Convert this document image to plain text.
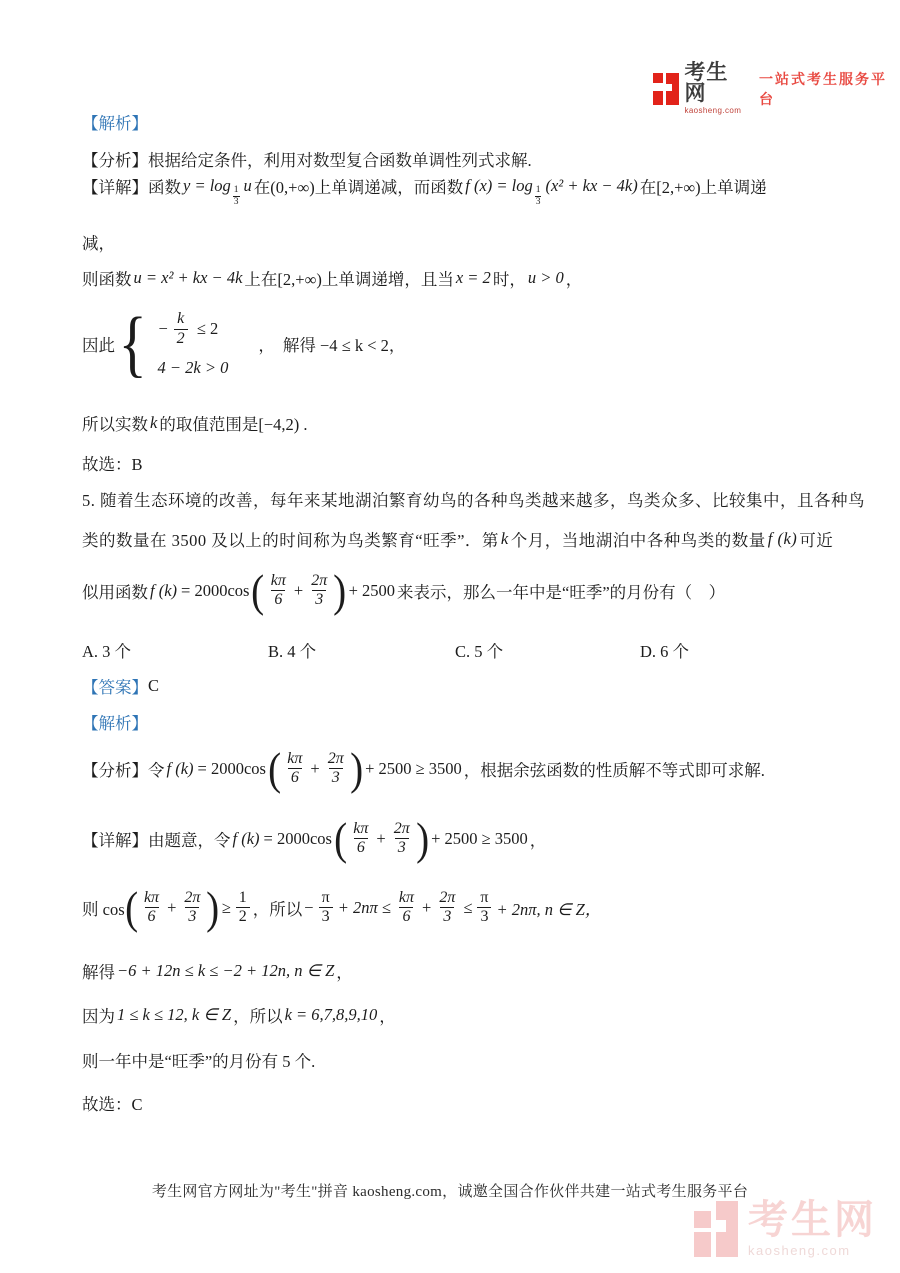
考生网
kaosheng.com
一站式考生服务平台
【解析】
【分析】 根据给定条件，利用对数型复合函数单调性列式求解.
【详解】 函数 y = log 1
3
u 在(0,+∞)上单调递减，而函数 f (x) = log 1
3
(x² + kx − 4k) 在[2,+∞)上单调递
减，
则函数 u = x² + kx − 4k 上在[2,+∞)上单调递增，且当 x = 2 时， u > 0 ，
因此 { − $\frac{k}{2} \le 2$
4 − 2k > 0
， 解得 −4 ≤ k < 2，
所以实数 k 的取值范围是[−4,2) .
故选：B
5. 随着生态环境的改善，每年来某地湖泊繁育幼鸟的各种鸟类越来越多，鸟类众多、比较集中，且各种鸟
类的数量在 3500 及以上的时间称为鸟类繁育“旺季”．第 k 个月，当地湖泊中各种鸟类的数量 f (k) 可近
似用函数 f (k) = 2000cos ( $\frac{k\pi}{6} + \frac{2\pi}{3}$ ) + 2500 来表示，那么一年中是“旺季”的月份有（　）
A. 3 个	B. 4 个	C. 5 个	D. 6 个
【答案】 C
【解析】
【分析】 令 f (k) = 2000cos ( $\frac{k\pi}{6} + \frac{2\pi}{3}$ ) + 2500 ≥ 3500 ，根据余弦函数的性质解不等式即可求解.
【详解】 由题意，令 f (k) = 2000cos ( $\frac{k\pi}{6} + \frac{2\pi}{3}$ ) + 2500 ≥ 3500 ，
则 cos ( $\frac{k\pi}{6} + \frac{2\pi}{3}$ ) ≥ $\frac{1}{2}$ ， 所以 − $\frac{\pi}{3} + 2n\pi \le \frac{k\pi}{6} + \frac{2\pi}{3} \le \frac{\pi}{3} + 2n\pi$, n ∈ Z，
解得 −6 + 12n ≤ k ≤ −2 + 12n, n ∈ Z ，
因为 1 ≤ k ≤ 12, k ∈ Z ，所以 k = 6,7,8,9,10 ，
则一年中是“旺季”的月份有 5 个.
故选：C
考生网官方网址为"考生"拼音 kaosheng.com，诚邀全国合作伙伴共建一站式考生服务平台
考生网
kaosheng.com
